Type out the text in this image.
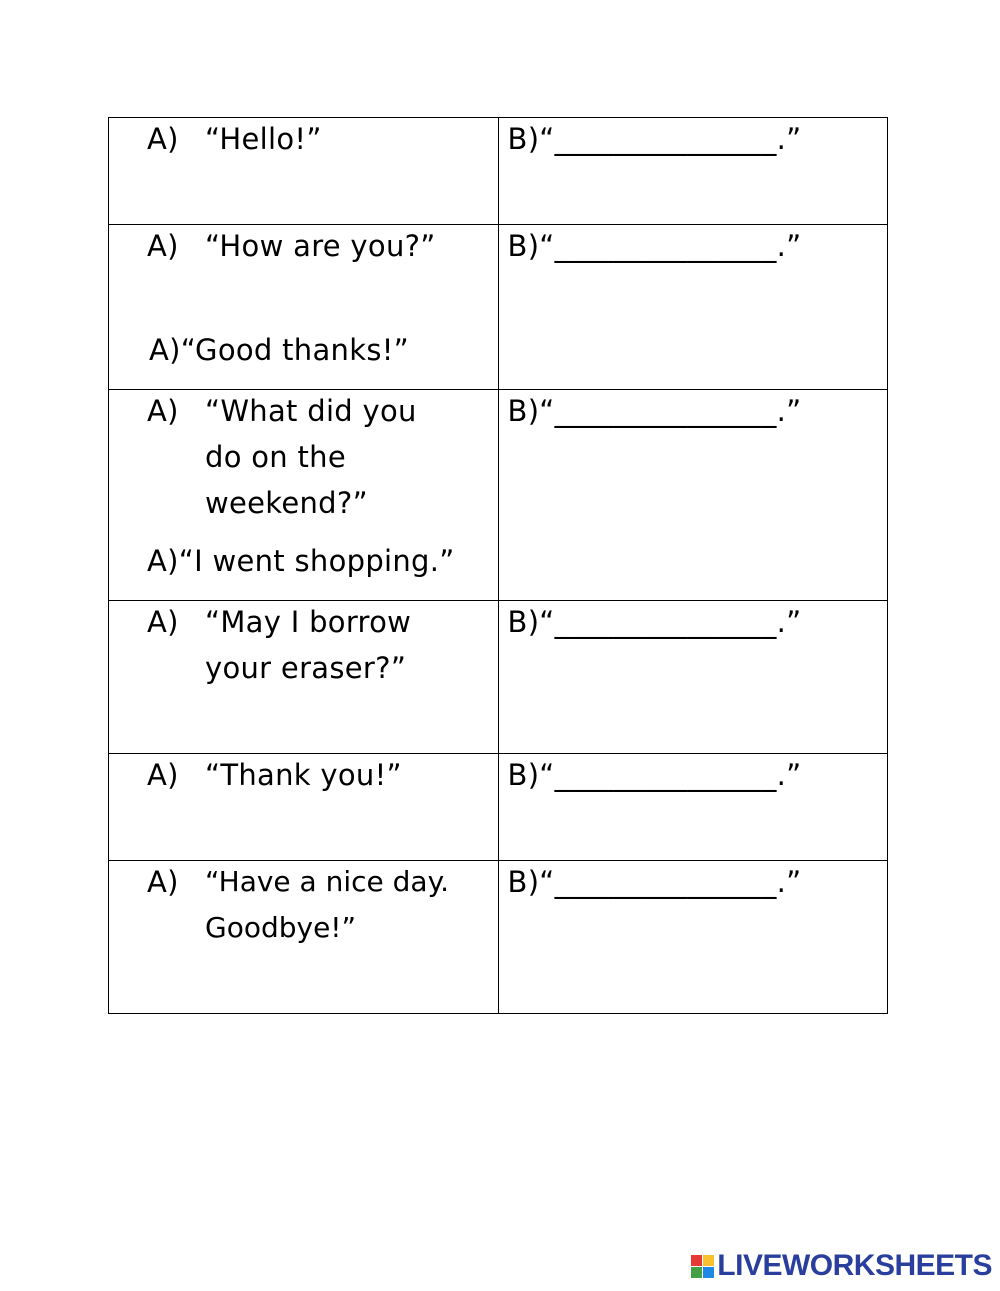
A) “Hello!”	B)“_______________.”

A) “How are you?”
A)“Good thanks!”	B)“_______________.”

A) “What did you do on the weekend?”
A)“I went shopping.”	B)“_______________.”

A) “May I borrow your eraser?”	B)“_______________.”

A) “Thank you!”	B)“_______________.”

A) “Have a nice day. Goodbye!”	B)“_______________.”
LIVEWORKSHEETS
